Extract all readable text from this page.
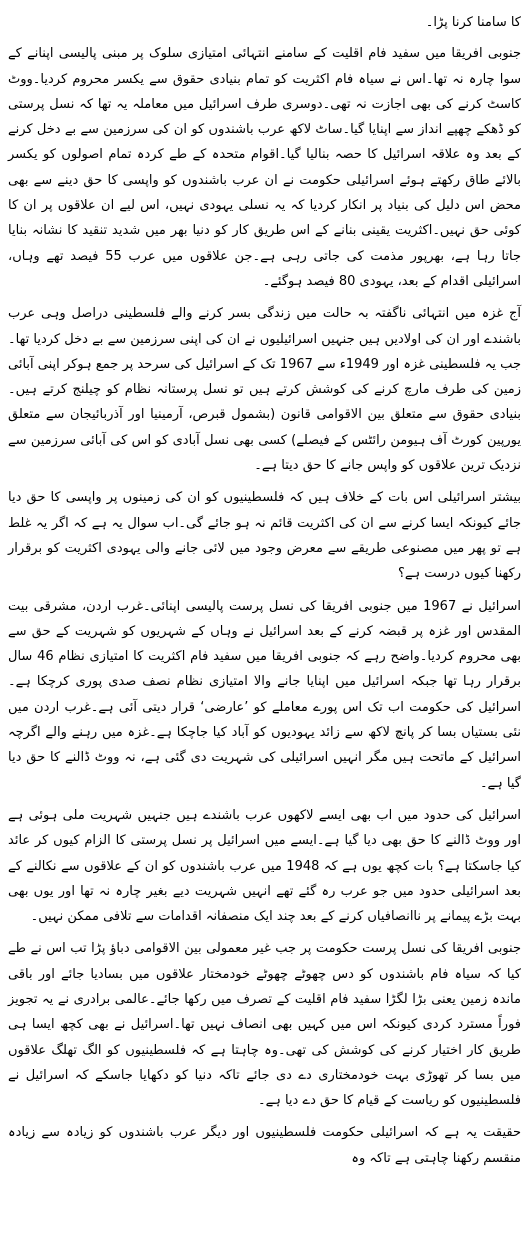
کا سامنا کرنا پڑا۔

جنوبی افریقا میں سفید فام اقلیت کے سامنے انتہائی امتیازی سلوک پر مبنی پالیسی اپنانے کے سوا چارہ نہ تھا۔اس نے سیاہ فام اکثریت کو تمام بنیادی حقوق سے یکسر محروم کردیا۔ووٹ کاسٹ کرنے کی بھی اجازت نہ تھی۔دوسری طرف اسرائیل میں معاملہ یہ تھا کہ نسل پرستی کو ڈھکے چھپے انداز سے اپنایا گیا۔ساٹ لاکھ عرب باشندوں کو ان کی سرزمین سے بے دخل کرنے کے بعد وہ علاقہ اسرائیل کا حصہ بنالیا گیا۔اقوام متحدہ کے طے کردہ تمام اصولوں کو یکسر بالائے طاق رکھتے ہوئے اسرائیلی حکومت نے ان عرب باشندوں کو واپسی کا حق دینے سے بھی محض اس دلیل کی بنیاد پر انکار کردیا کہ یہ نسلی یہودی نہیں، اس لیے ان علاقوں پر ان کا کوئی حق نہیں۔اکثریت یقینی بنانے کے اس طریق کار کو دنیا بھر میں شدید تنقید کا نشانہ بنایا جاتا رہا ہے، بھرپور مذمت کی جاتی رہی ہے۔جن علاقوں میں عرب 55 فیصد تھے وہاں، اسرائیلی اقدام کے بعد، یہودی 80 فیصد ہوگئے۔

آج غزہ میں انتہائی ناگفتہ بہ حالت میں زندگی بسر کرنے والے فلسطینی دراصل وہی عرب باشندے اور ان کی اولادیں ہیں جنہیں اسرائیلیوں نے ان کی اپنی سرزمین سے بے دخل کردیا تھا۔جب یہ فلسطینی غزہ اور 1949ء سے 1967 تک کے اسرائیل کی سرحد پر جمع ہوکر اپنی آبائی زمین کی طرف مارچ کرنے کی کوشش کرتے ہیں تو نسل پرستانہ نظام کو چیلنج کرتے ہیں۔بنیادی حقوق سے متعلق بین الاقوامی قانون (بشمول قبرص، آرمینیا اور آذربائیجان سے متعلق یورپین کورٹ آف ہیومن رائٹس کے فیصلے) کسی بھی نسل آبادی کو اس کی آبائی سرزمین سے نزدیک ترین علاقوں کو واپس جانے کا حق دیتا ہے۔

بیشتر اسرائیلی اس بات کے خلاف ہیں کہ فلسطینیوں کو ان کی زمینوں پر واپسی کا حق دیا جائے کیونکہ ایسا کرنے سے ان کی اکثریت قائم نہ ہو جائے گی۔اب سوال یہ ہے کہ اگر یہ غلط ہے تو پھر میں مصنوعی طریقے سے معرض وجود میں لائی جانے والی یہودی اکثریت کو برقرار رکھنا کیوں درست ہے؟

اسرائیل نے 1967 میں جنوبی افریقا کی نسل پرست پالیسی اپنائی۔غرب اردن، مشرقی بیت المقدس اور غزہ پر قبضہ کرنے کے بعد اسرائیل نے وہاں کے شہریوں کو شہریت کے حق سے بھی محروم کردیا۔واضح رہے کہ جنوبی افریقا میں سفید فام اکثریت کا امتیازی نظام 46 سال برقرار رہا تھا جبکہ اسرائیل میں اپنایا جانے والا امتیازی نظام نصف صدی پوری کرچکا ہے۔اسرائیل کی حکومت اب تک اس پورے معاملے کو ’عارضی‘ قرار دیتی آئی ہے۔غرب اردن میں نئی بستیاں بسا کر پانچ لاکھ سے زائد یہودیوں کو آباد کیا جاچکا ہے۔غزہ میں رہنے والے اگرچہ اسرائیل کے ماتحت ہیں مگر انہیں اسرائیلی کی شہریت دی گئی ہے، نہ ووٹ ڈالنے کا حق دیا گیا ہے۔

اسرائیل کی حدود میں اب بھی ایسے لاکھوں عرب باشندے ہیں جنہیں شہریت ملی ہوئی ہے اور ووٹ ڈالنے کا حق بھی دیا گیا ہے۔ایسے میں اسرائیل پر نسل پرستی کا الزام کیوں کر عائد کیا جاسکتا ہے؟ بات کچھ یوں ہے کہ 1948 میں عرب باشندوں کو ان کے علاقوں سے نکالنے کے بعد اسرائیلی حدود میں جو عرب رہ گئے تھے انہیں شہریت دیے بغیر چارہ نہ تھا اور یوں بھی بہت بڑے پیمانے پر ناانصافیاں کرنے کے بعد چند ایک منصفانہ اقدامات سے تلافی ممکن نہیں۔

جنوبی افریقا کی نسل پرست حکومت پر جب غیر معمولی بین الاقوامی دباؤ پڑا تب اس نے طے کیا کہ سیاہ فام باشندوں کو دس چھوٹے چھوٹے خودمختار علاقوں میں بسادیا جائے اور باقی ماندہ زمین یعنی بڑا لگڑا سفید فام اقلیت کے تصرف میں رکھا جائے۔عالمی برادری نے یہ تجویز فوراً مسترد کردی کیونکہ اس میں کہیں بھی انصاف نہیں تھا۔اسرائیل نے بھی کچھ ایسا ہی طریق کار اختیار کرنے کی کوشش کی تھی۔وہ چاہتا ہے کہ فلسطینیوں کو الگ تھلگ علاقوں میں بسا کر تھوڑی بہت خودمختاری دے دی جائے تاکہ دنیا کو دکھایا جاسکے کہ اسرائیل نے فلسطینیوں کو ریاست کے قیام کا حق دے دیا ہے۔

حقیقت یہ ہے کہ اسرائیلی حکومت فلسطینیوں اور دیگر عرب باشندوں کو زیادہ سے زیادہ منقسم رکھنا چاہتی ہے تاکہ وہ
